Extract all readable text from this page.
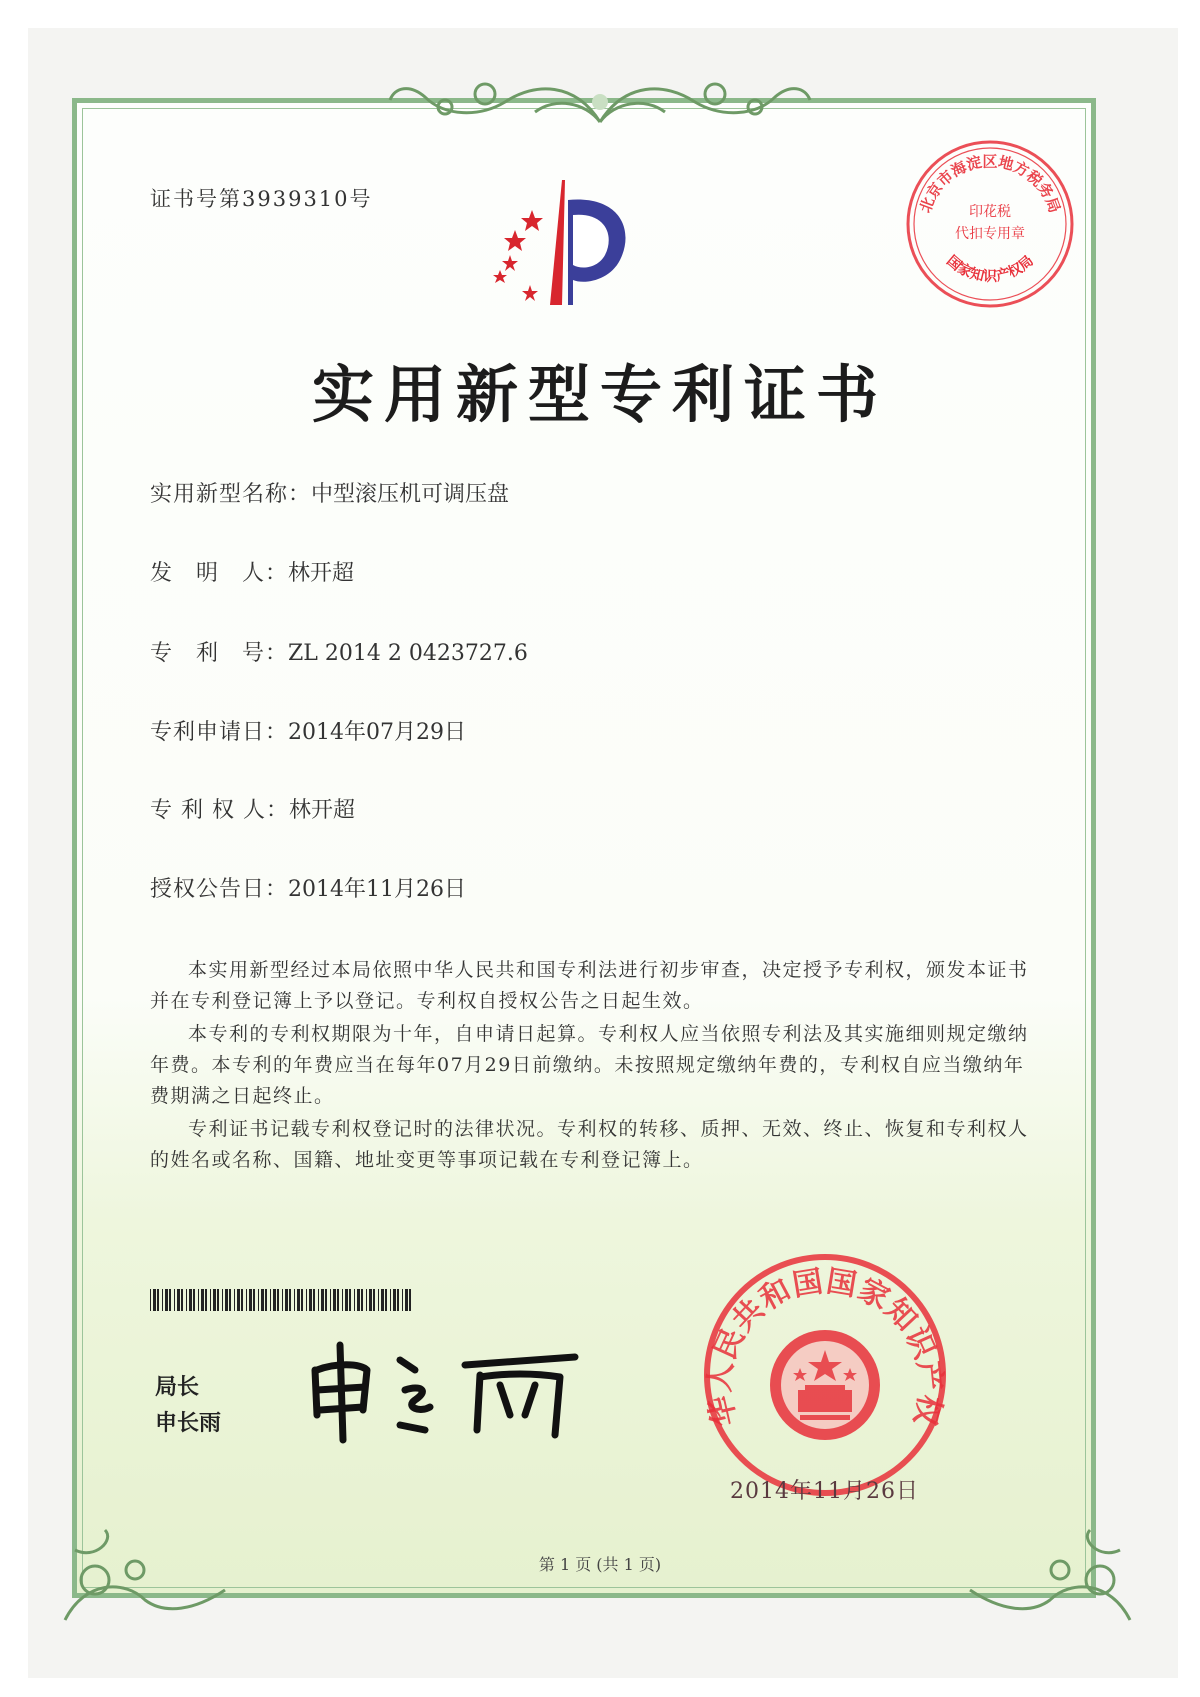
证书号第3939310号
实用新型专利证书
实用新型名称：中型滚压机可调压盘
发　明　人：林开超
专　利　号：ZL 2014 2 0423727.6
专利申请日：2014年07月29日
专 利 权 人：林开超
授权公告日：2014年11月26日

本实用新型经过本局依照中华人民共和国专利法进行初步审查，决定授予专利权，颁发本证书并在专利登记簿上予以登记。专利权自授权公告之日起生效。

本专利的专利权期限为十年，自申请日起算。专利权人应当依照专利法及其实施细则规定缴纳年费。本专利的年费应当在每年07月29日前缴纳。未按照规定缴纳年费的，专利权自应当缴纳年费期满之日起终止。

专利证书记载专利权登记时的法律状况。专利权的转移、质押、无效、终止、恢复和专利权人的姓名或名称、国籍、地址变更等事项记载在专利登记簿上。

局长
申长雨	华人民共和国国家知识产权
2014年11月26日
北京市海淀区地方税务局
印花税
代扣专用章
国家知识产权局
第 1 页 (共 1 页)
